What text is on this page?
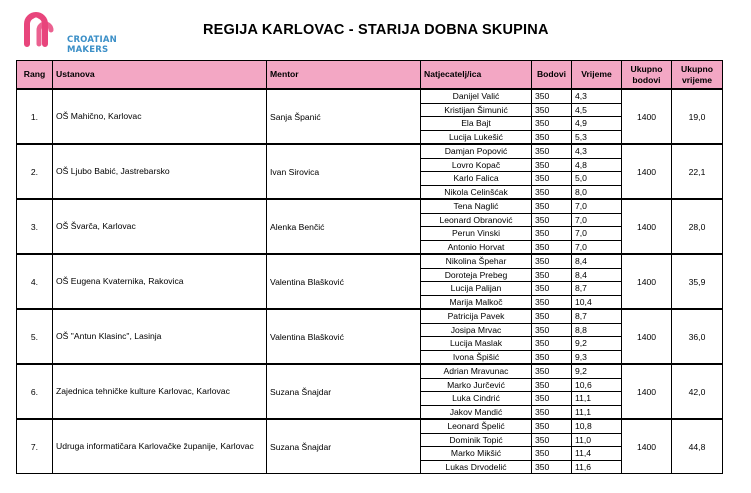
CROATIAN
MAKERS
REGIJA KARLOVAC - STARIJA DOBNA SKUPINA
Rang	Ustanova	Mentor	Natjecatelj/ica	Bodovi	Vrijeme	Ukupno bodovi	Ukupno vrijeme
1.	OŠ Mahično, Karlovac	Sanja Španić	Danijel Valić	350	4,3	1400	19,0
			Kristijan Šimunić	350	4,5		
			Ela Bajt	350	4,9		
			Lucija Lukešić	350	5,3		
2.	OŠ Ljubo Babić, Jastrebarsko	Ivan Sirovica	Damjan Popović	350	4,3	1400	22,1
			Lovro Kopač	350	4,8		
			Karlo Falica	350	5,0		
			Nikola Celinšćak	350	8,0		
3.	OŠ Švarča, Karlovac	Alenka Benčić	Tena Naglić	350	7,0	1400	28,0
			Leonard Obranović	350	7,0		
			Perun Vinski	350	7,0		
			Antonio Horvat	350	7,0		
4.	OŠ Eugena Kvaternika, Rakovica	Valentina Blašković	Nikolina Špehar	350	8,4	1400	35,9
			Doroteja Prebeg	350	8,4		
			Lucija Palijan	350	8,7		
			Marija Malkoč	350	10,4		
5.	OŠ "Antun Klasinc", Lasinja	Valentina Blašković	Patricija Pavek	350	8,7	1400	36,0
			Josipa Mrvac	350	8,8		
			Lucija Maslak	350	9,2		
			Ivona Špišić	350	9,3		
6.	Zajednica tehničke kulture Karlovac, Karlovac	Suzana Šnajdar	Adrian Mravunac	350	9,2	1400	42,0
			Marko Jurčević	350	10,6		
			Luka Cindrić	350	11,1		
			Jakov Mandić	350	11,1		
7.	Udruga informatičara Karlovačke županije, Karlovac	Suzana Šnajdar	Leonard Špelić	350	10,8	1400	44,8
			Dominik Topić	350	11,0		
			Marko Mikšić	350	11,4		
			Lukas Drvodelić	350	11,6		
